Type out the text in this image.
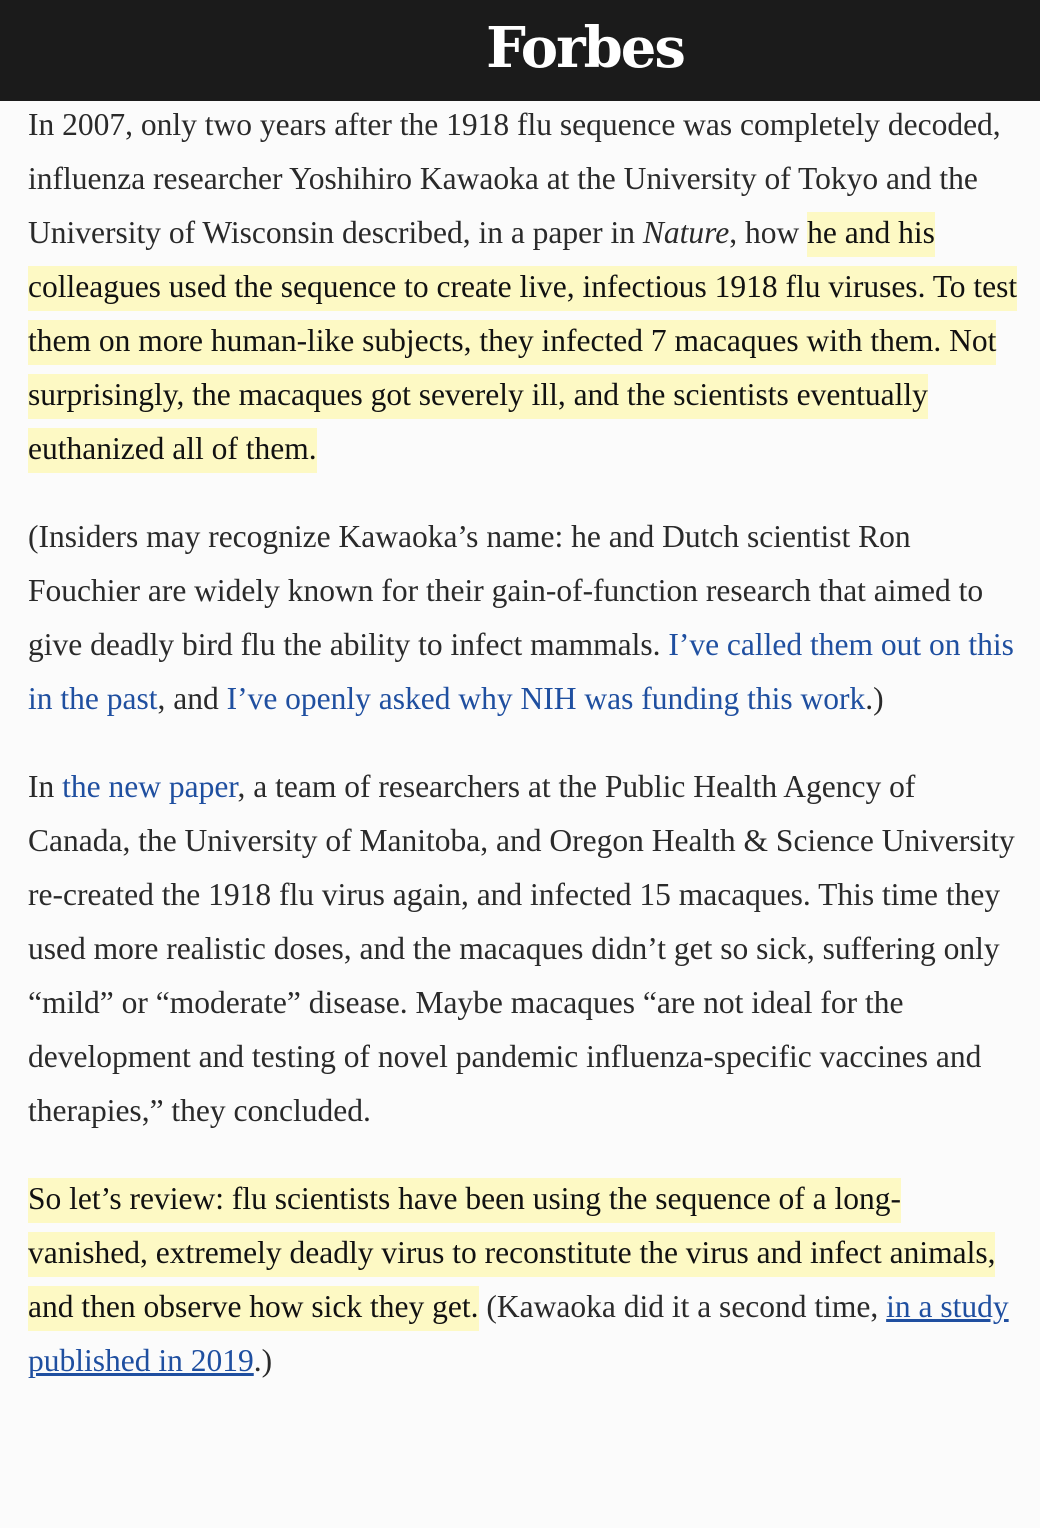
Forbes

In 2007, only two years after the 1918 flu sequence was completely decoded, influenza researcher Yoshihiro Kawaoka at the University of Tokyo and the University of Wisconsin described, in a paper in Nature, how he and his colleagues used the sequence to create live, infectious 1918 flu viruses. To test them on more human-like subjects, they infected 7 macaques with them. Not surprisingly, the macaques got severely ill, and the scientists eventually euthanized all of them.

(Insiders may recognize Kawaoka’s name: he and Dutch scientist Ron Fouchier are widely known for their gain-of-function research that aimed to give deadly bird flu the ability to infect mammals. I’ve called them out on this in the past, and I’ve openly asked why NIH was funding this work.)

In the new paper, a team of researchers at the Public Health Agency of Canada, the University of Manitoba, and Oregon Health & Science University re-created the 1918 flu virus again, and infected 15 macaques. This time they used more realistic doses, and the macaques didn’t get so sick, suffering only “mild” or “moderate” disease. Maybe macaques “are not ideal for the development and testing of novel pandemic influenza-specific vaccines and therapies,” they concluded.

So let’s review: flu scientists have been using the sequence of a long-vanished, extremely deadly virus to reconstitute the virus and infect animals, and then observe how sick they get. (Kawaoka did it a second time, in a study published in 2019.)
